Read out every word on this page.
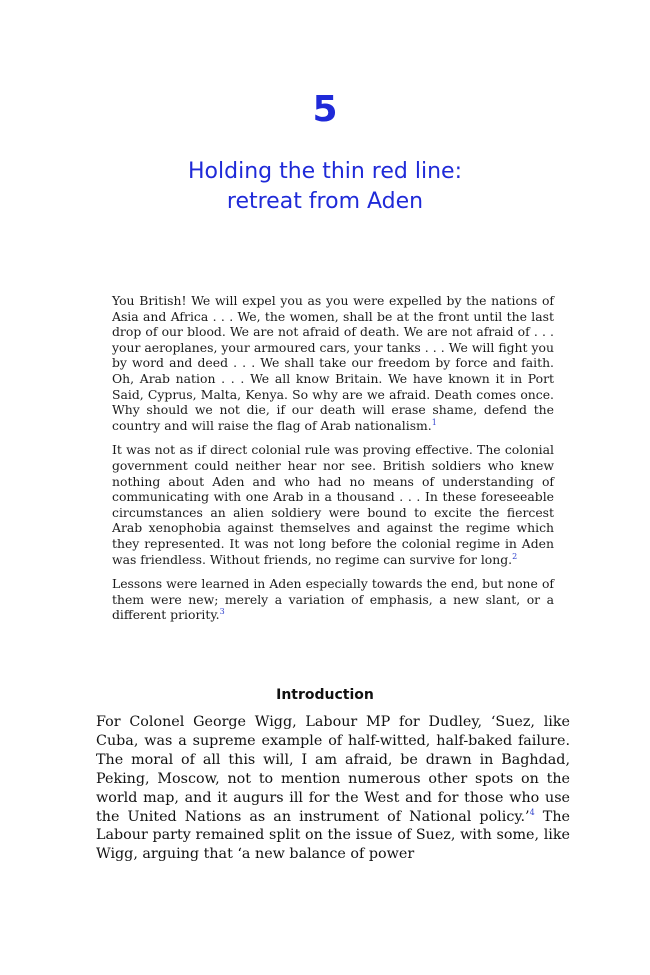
5
Holding the thin red line:
retreat from Aden

You British! We will expel you as you were expelled by the nations of Asia and Africa . . . We, the women, shall be at the front until the last drop of our blood. We are not afraid of death. We are not afraid of . . . your aeroplanes, your armoured cars, your tanks . . . We will fight you by word and deed . . . We shall take our freedom by force and faith. Oh, Arab nation . . . We all know Britain. We have known it in Port Said, Cyprus, Malta, Kenya. So why are we afraid. Death comes once. Why should we not die, if our death will erase shame, defend the country and will raise the flag of Arab nationalism.$^1$

It was not as if direct colonial rule was proving effective. The colonial government could neither hear nor see. British soldiers who knew nothing about Aden and who had no means of understanding of communicating with one Arab in a thousand . . . In these foreseeable circumstances an alien soldiery were bound to excite the fiercest Arab xenophobia against themselves and against the regime which they represented. It was not long before the colonial regime in Aden was friendless. Without friends, no regime can survive for long.$^2$

Lessons were learned in Aden especially towards the end, but none of them were new; merely a variation of emphasis, a new slant, or a different priority.$^3$

Introduction

For Colonel George Wigg, Labour MP for Dudley, ‘Suez, like Cuba, was a supreme example of half-witted, half-baked failure. The moral of all this will, I am afraid, be drawn in Baghdad, Peking, Moscow, not to mention numerous other spots on the world map, and it augurs ill for the West and for those who use the United Nations as an instrument of National policy.’$^4$ The Labour party remained split on the issue of Suez, with some, like Wigg, arguing that ‘a new balance of power
